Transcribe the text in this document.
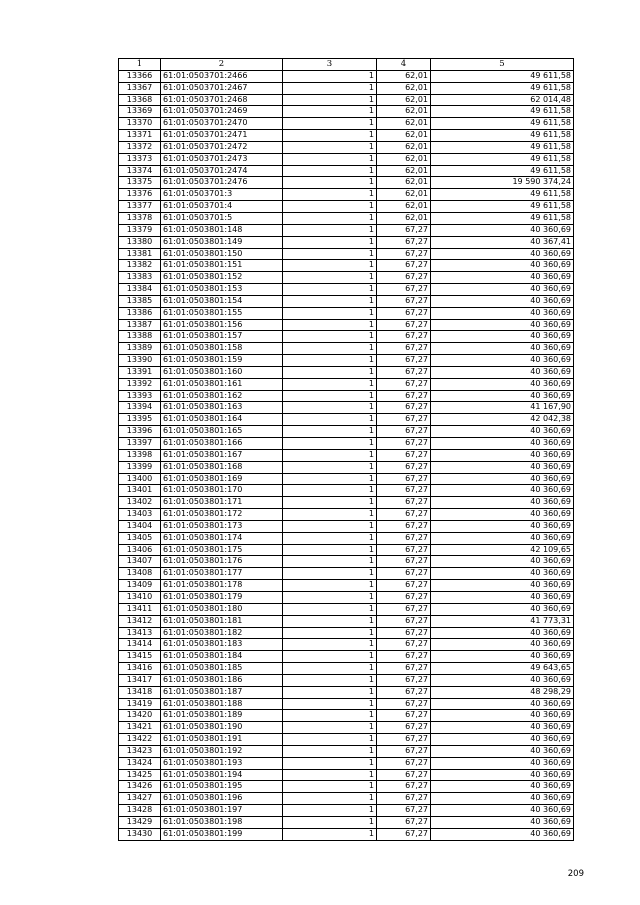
1	2	3	4	5
13366	61:01:0503701:2466	1	62,01	49 611,58
13367	61:01:0503701:2467	1	62,01	49 611,58
13368	61:01:0503701:2468	1	62,01	62 014,48
13369	61:01:0503701:2469	1	62,01	49 611,58
13370	61:01:0503701:2470	1	62,01	49 611,58
13371	61:01:0503701:2471	1	62,01	49 611,58
13372	61:01:0503701:2472	1	62,01	49 611,58
13373	61:01:0503701:2473	1	62,01	49 611,58
13374	61:01:0503701:2474	1	62,01	49 611,58
13375	61:01:0503701:2476	1	62,01	19 590 374,24
13376	61:01:0503701:3	1	62,01	49 611,58
13377	61:01:0503701:4	1	62,01	49 611,58
13378	61:01:0503701:5	1	62,01	49 611,58
13379	61:01:0503801:148	1	67,27	40 360,69
13380	61:01:0503801:149	1	67,27	40 367,41
13381	61:01:0503801:150	1	67,27	40 360,69
13382	61:01:0503801:151	1	67,27	40 360,69
13383	61:01:0503801:152	1	67,27	40 360,69
13384	61:01:0503801:153	1	67,27	40 360,69
13385	61:01:0503801:154	1	67,27	40 360,69
13386	61:01:0503801:155	1	67,27	40 360,69
13387	61:01:0503801:156	1	67,27	40 360,69
13388	61:01:0503801:157	1	67,27	40 360,69
13389	61:01:0503801:158	1	67,27	40 360,69
13390	61:01:0503801:159	1	67,27	40 360,69
13391	61:01:0503801:160	1	67,27	40 360,69
13392	61:01:0503801:161	1	67,27	40 360,69
13393	61:01:0503801:162	1	67,27	40 360,69
13394	61:01:0503801:163	1	67,27	41 167,90
13395	61:01:0503801:164	1	67,27	42 042,38
13396	61:01:0503801:165	1	67,27	40 360,69
13397	61:01:0503801:166	1	67,27	40 360,69
13398	61:01:0503801:167	1	67,27	40 360,69
13399	61:01:0503801:168	1	67,27	40 360,69
13400	61:01:0503801:169	1	67,27	40 360,69
13401	61:01:0503801:170	1	67,27	40 360,69
13402	61:01:0503801:171	1	67,27	40 360,69
13403	61:01:0503801:172	1	67,27	40 360,69
13404	61:01:0503801:173	1	67,27	40 360,69
13405	61:01:0503801:174	1	67,27	40 360,69
13406	61:01:0503801:175	1	67,27	42 109,65
13407	61:01:0503801:176	1	67,27	40 360,69
13408	61:01:0503801:177	1	67,27	40 360,69
13409	61:01:0503801:178	1	67,27	40 360,69
13410	61:01:0503801:179	1	67,27	40 360,69
13411	61:01:0503801:180	1	67,27	40 360,69
13412	61:01:0503801:181	1	67,27	41 773,31
13413	61:01:0503801:182	1	67,27	40 360,69
13414	61:01:0503801:183	1	67,27	40 360,69
13415	61:01:0503801:184	1	67,27	40 360,69
13416	61:01:0503801:185	1	67,27	49 643,65
13417	61:01:0503801:186	1	67,27	40 360,69
13418	61:01:0503801:187	1	67,27	48 298,29
13419	61:01:0503801:188	1	67,27	40 360,69
13420	61:01:0503801:189	1	67,27	40 360,69
13421	61:01:0503801:190	1	67,27	40 360,69
13422	61:01:0503801:191	1	67,27	40 360,69
13423	61:01:0503801:192	1	67,27	40 360,69
13424	61:01:0503801:193	1	67,27	40 360,69
13425	61:01:0503801:194	1	67,27	40 360,69
13426	61:01:0503801:195	1	67,27	40 360,69
13427	61:01:0503801:196	1	67,27	40 360,69
13428	61:01:0503801:197	1	67,27	40 360,69
13429	61:01:0503801:198	1	67,27	40 360,69
13430	61:01:0503801:199	1	67,27	40 360,69
209
